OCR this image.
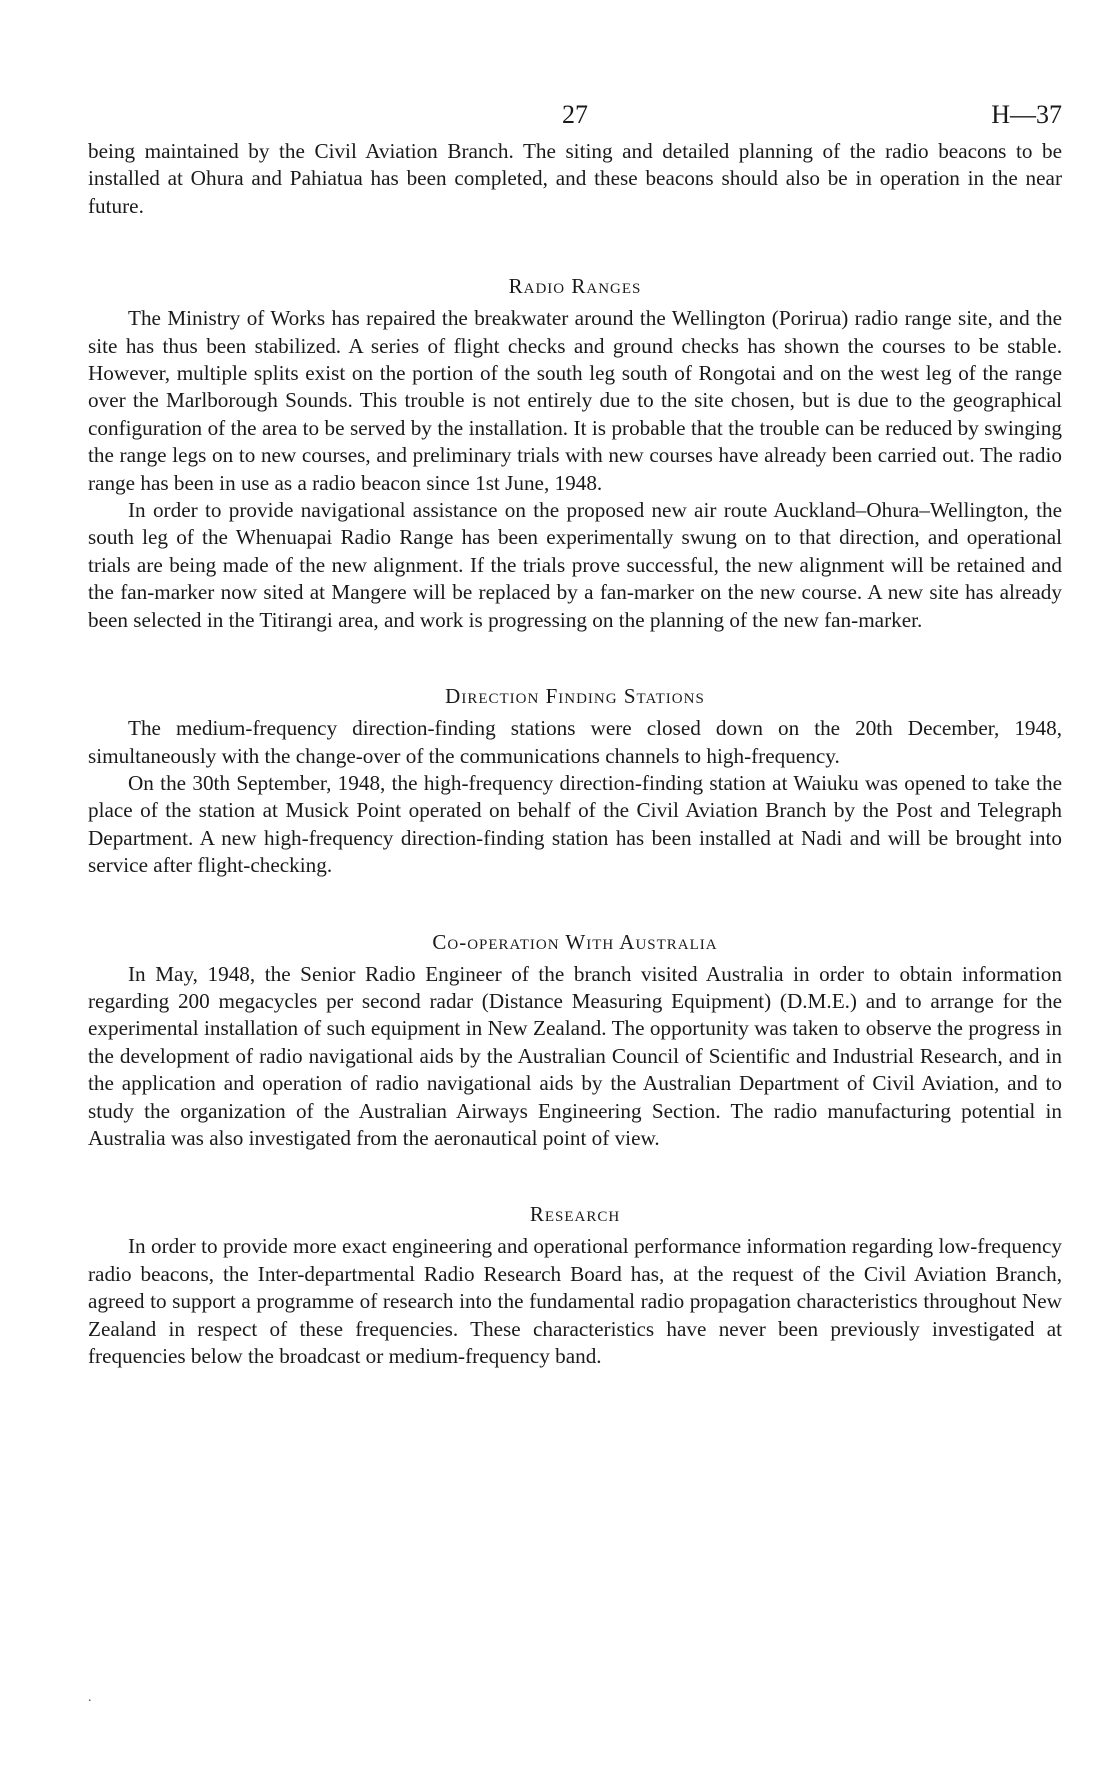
27	H—37

being maintained by the Civil Aviation Branch. The siting and detailed planning of the radio beacons to be installed at Ohura and Pahiatua has been completed, and these beacons should also be in operation in the near future.

Radio Ranges

The Ministry of Works has repaired the breakwater around the Wellington (Porirua) radio range site, and the site has thus been stabilized. A series of flight checks and ground checks has shown the courses to be stable. However, multiple splits exist on the portion of the south leg south of Rongotai and on the west leg of the range over the Marlborough Sounds. This trouble is not entirely due to the site chosen, but is due to the geographical configuration of the area to be served by the installation. It is probable that the trouble can be reduced by swinging the range legs on to new courses, and preliminary trials with new courses have already been carried out. The radio range has been in use as a radio beacon since 1st June, 1948.

In order to provide navigational assistance on the proposed new air route Auckland–Ohura–Wellington, the south leg of the Whenuapai Radio Range has been experimentally swung on to that direction, and operational trials are being made of the new alignment. If the trials prove successful, the new alignment will be retained and the fan-marker now sited at Mangere will be replaced by a fan-marker on the new course. A new site has already been selected in the Titirangi area, and work is progressing on the planning of the new fan-marker.

Direction Finding Stations

The medium-frequency direction-finding stations were closed down on the 20th December, 1948, simultaneously with the change-over of the communications channels to high-frequency.

On the 30th September, 1948, the high-frequency direction-finding station at Waiuku was opened to take the place of the station at Musick Point operated on behalf of the Civil Aviation Branch by the Post and Telegraph Department. A new high-frequency direction-finding station has been installed at Nadi and will be brought into service after flight-checking.

Co-operation With Australia

In May, 1948, the Senior Radio Engineer of the branch visited Australia in order to obtain information regarding 200 megacycles per second radar (Distance Measuring Equipment) (D.M.E.) and to arrange for the experimental installation of such equipment in New Zealand. The opportunity was taken to observe the progress in the development of radio navigational aids by the Australian Council of Scientific and Industrial Research, and in the application and operation of radio navigational aids by the Australian Department of Civil Aviation, and to study the organization of the Australian Airways Engineering Section. The radio manufacturing potential in Australia was also investigated from the aeronautical point of view.

Research

In order to provide more exact engineering and operational performance information regarding low-frequency radio beacons, the Inter-departmental Radio Research Board has, at the request of the Civil Aviation Branch, agreed to support a programme of research into the fundamental radio propagation characteristics throughout New Zealand in respect of these frequencies. These characteristics have never been previously investigated at frequencies below the broadcast or medium-frequency band.

.
